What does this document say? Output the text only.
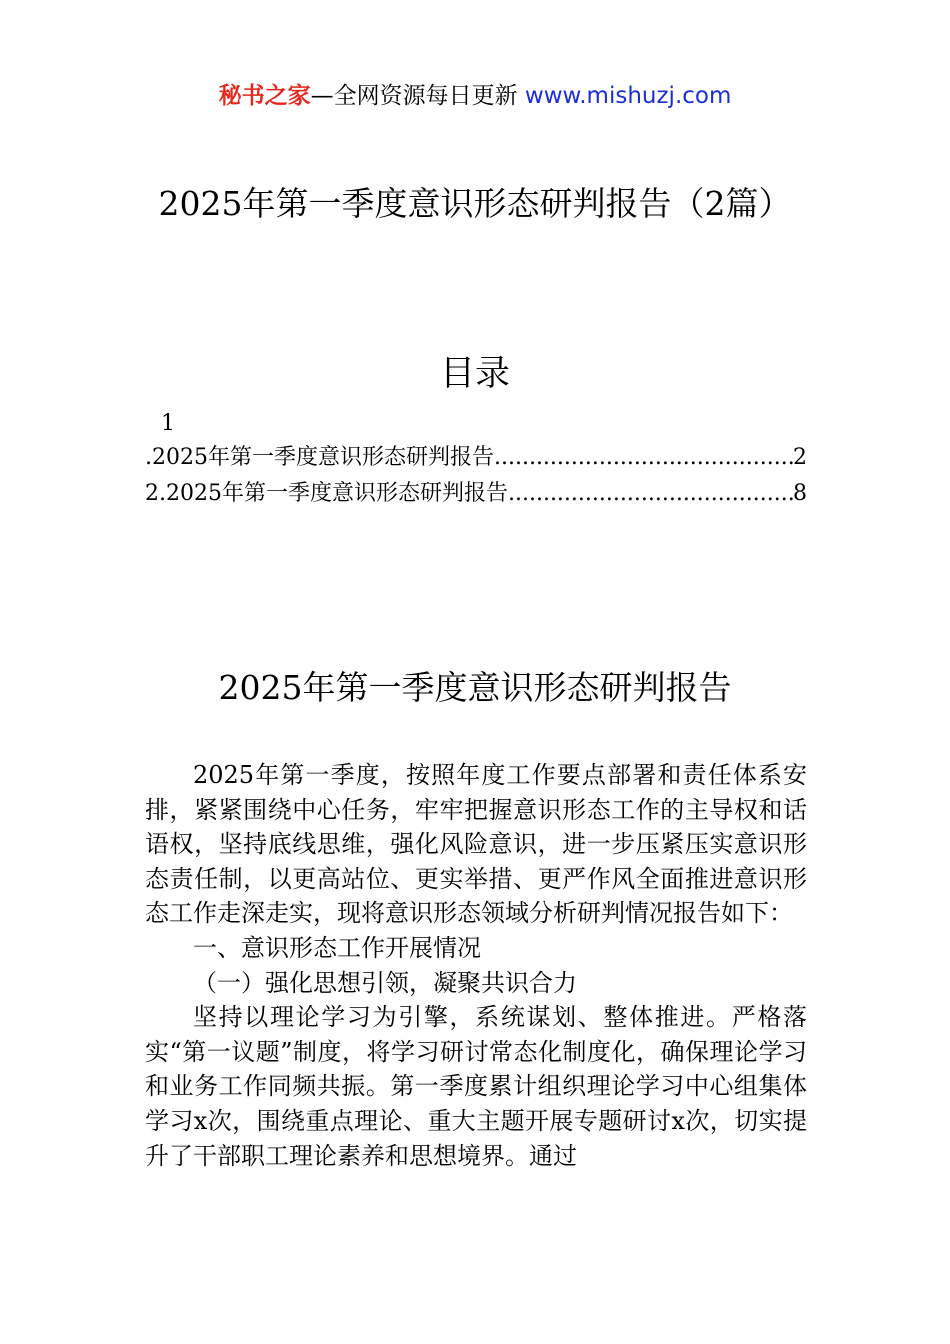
秘书之家—全网资源每日更新 www.mishuzj.com
2025年第一季度意识形态研判报告（2篇）
目录
1
.2025年第一季度意识形态研判报告 .....	2
2.2025年第一季度意识形态研判报告 .....	8
2025年第一季度意识形态研判报告

2025年第一季度，按照年度工作要点部署和责任体系安排，紧紧围绕中心任务，牢牢把握意识形态工作的主导权和话语权，坚持底线思维，强化风险意识，进一步压紧压实意识形态责任制，以更高站位、更实举措、更严作风全面推进意识形态工作走深走实，现将意识形态领域分析研判情况报告如下：

一、意识形态工作开展情况

（一）强化思想引领，凝聚共识合力

坚持以理论学习为引擎，系统谋划、整体推进。严格落实“第一议题”制度，将学习研讨常态化制度化，确保理论学习和业务工作同频共振。第一季度累计组织理论学习中心组集体学习x次，围绕重点理论、重大主题开展专题研讨x次，切实提升了干部职工理论素养和思想境界。通过
